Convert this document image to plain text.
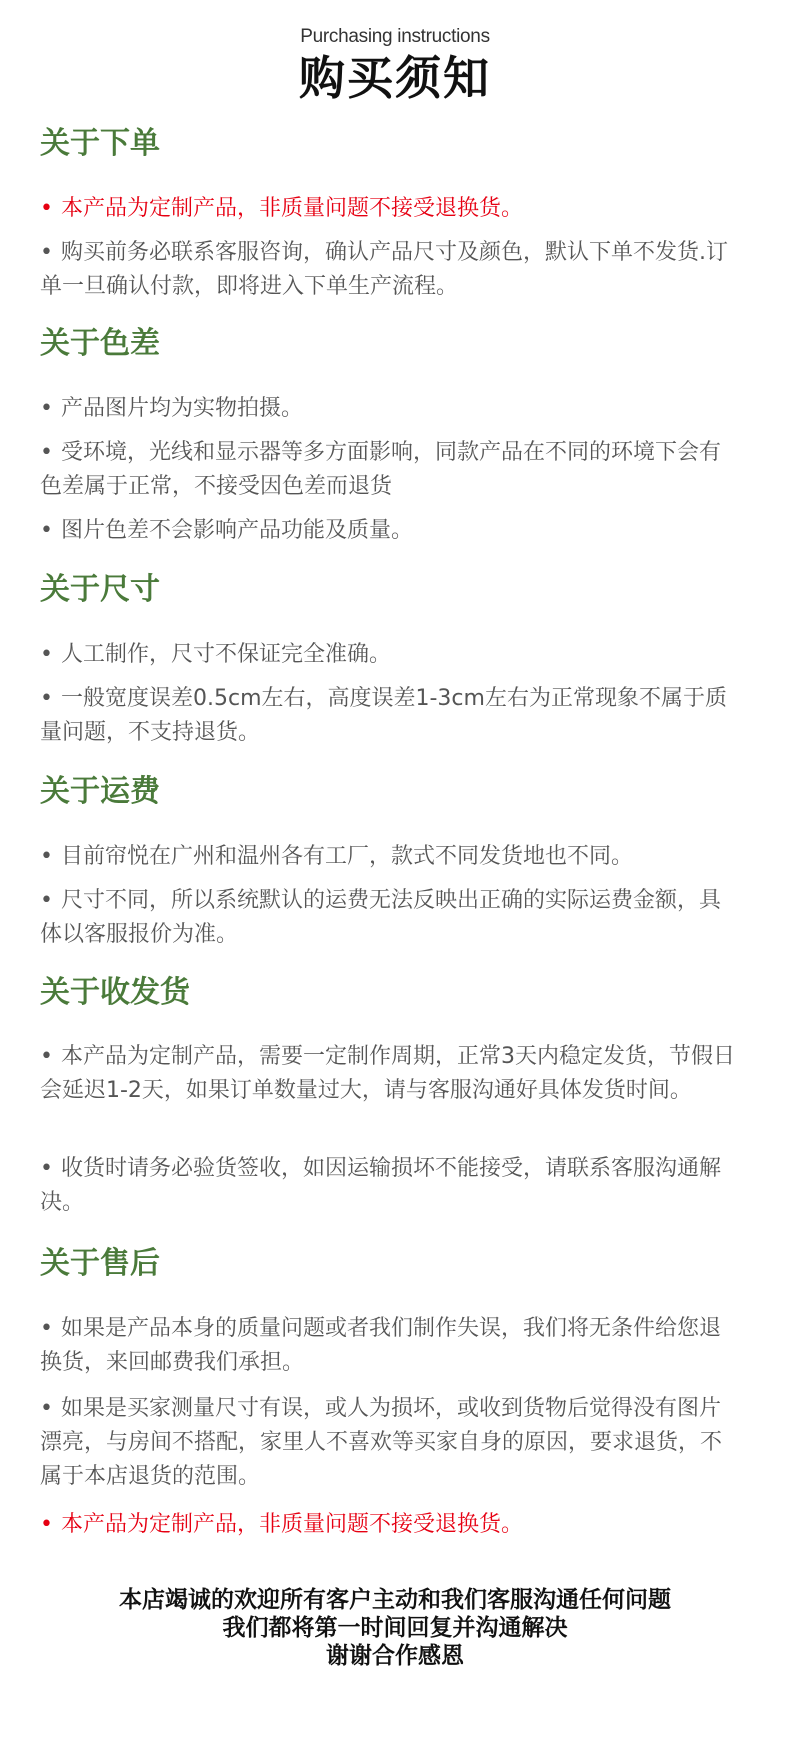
Purchasing instructions
购买须知
关于下单
• 本产品为定制产品，非质量问题不接受退换货。
• 购买前务必联系客服咨询，确认产品尺寸及颜色，默认下单不发货.订单一旦确认付款，即将进入下单生产流程。
关于色差
• 产品图片均为实物拍摄。
• 受环境，光线和显示器等多方面影响，同款产品在不同的环境下会有色差属于正常，不接受因色差而退货
• 图片色差不会影响产品功能及质量。
关于尺寸
• 人工制作，尺寸不保证完全准确。
• 一般宽度误差0.5cm左右，高度误差1-3cm左右为正常现象不属于质量问题，不支持退货。
关于运费
• 目前帘悦在广州和温州各有工厂，款式不同发货地也不同。
• 尺寸不同，所以系统默认的运费无法反映出正确的实际运费金额，具体以客服报价为准。
关于收发货
• 本产品为定制产品，需要一定制作周期，正常3天内稳定发货，节假日会延迟1-2天，如果订单数量过大，请与客服沟通好具体发货时间。
• 收货时请务必验货签收，如因运输损坏不能接受，请联系客服沟通解决。
关于售后
• 如果是产品本身的质量问题或者我们制作失误，我们将无条件给您退换货，来回邮费我们承担。
• 如果是买家测量尺寸有误，或人为损坏，或收到货物后觉得没有图片漂亮，与房间不搭配，家里人不喜欢等买家自身的原因，要求退货，不属于本店退货的范围。
• 本产品为定制产品，非质量问题不接受退换货。
本店竭诚的欢迎所有客户主动和我们客服沟通任何问题
我们都将第一时间回复并沟通解决
谢谢合作感恩
